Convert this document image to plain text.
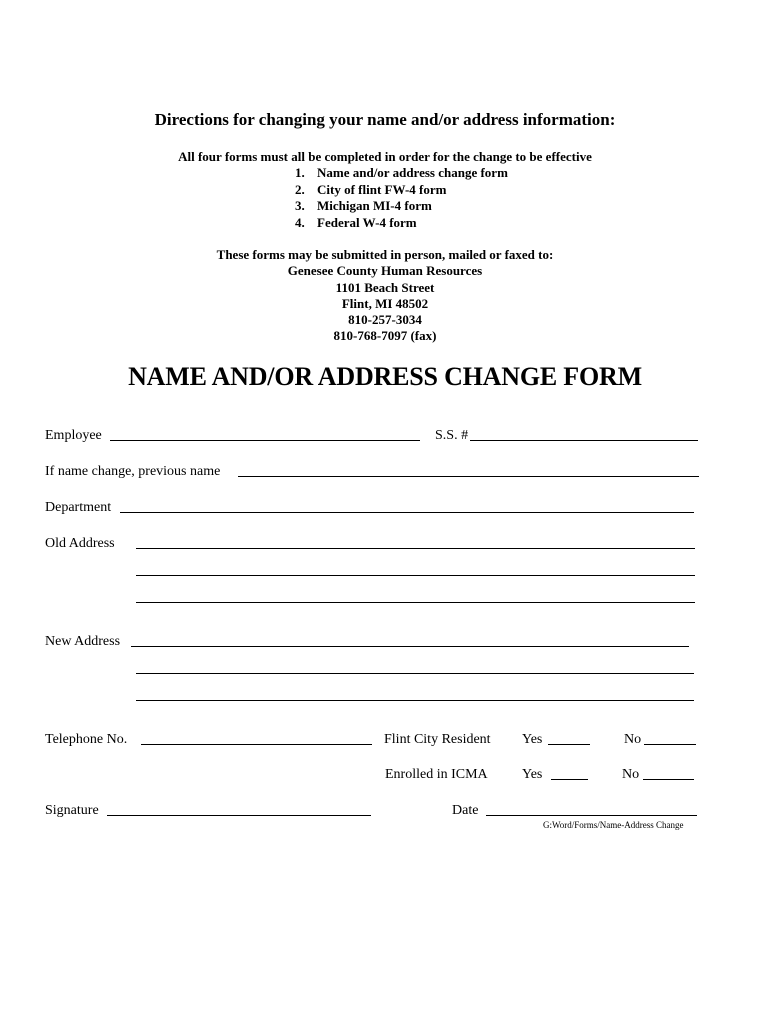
Directions for changing your name and/or address information:
All four forms must all be completed in order for the change to be effective
1. Name and/or address change form
2. City of flint FW-4 form
3. Michigan MI-4 form
4. Federal W-4 form
These forms may be submitted in person, mailed or faxed to:
Genesee County Human Resources
1101 Beach Street
Flint, MI 48502
810-257-3034
810-768-7097 (fax)
NAME AND/OR ADDRESS CHANGE FORM
Employee	S.S. #
If name change, previous name
Department
Old Address
New Address
Telephone No.	Flint City Resident Yes	No
Enrolled in ICMA Yes	No
Signature	Date
G:Word/Forms/Name-Address Change
